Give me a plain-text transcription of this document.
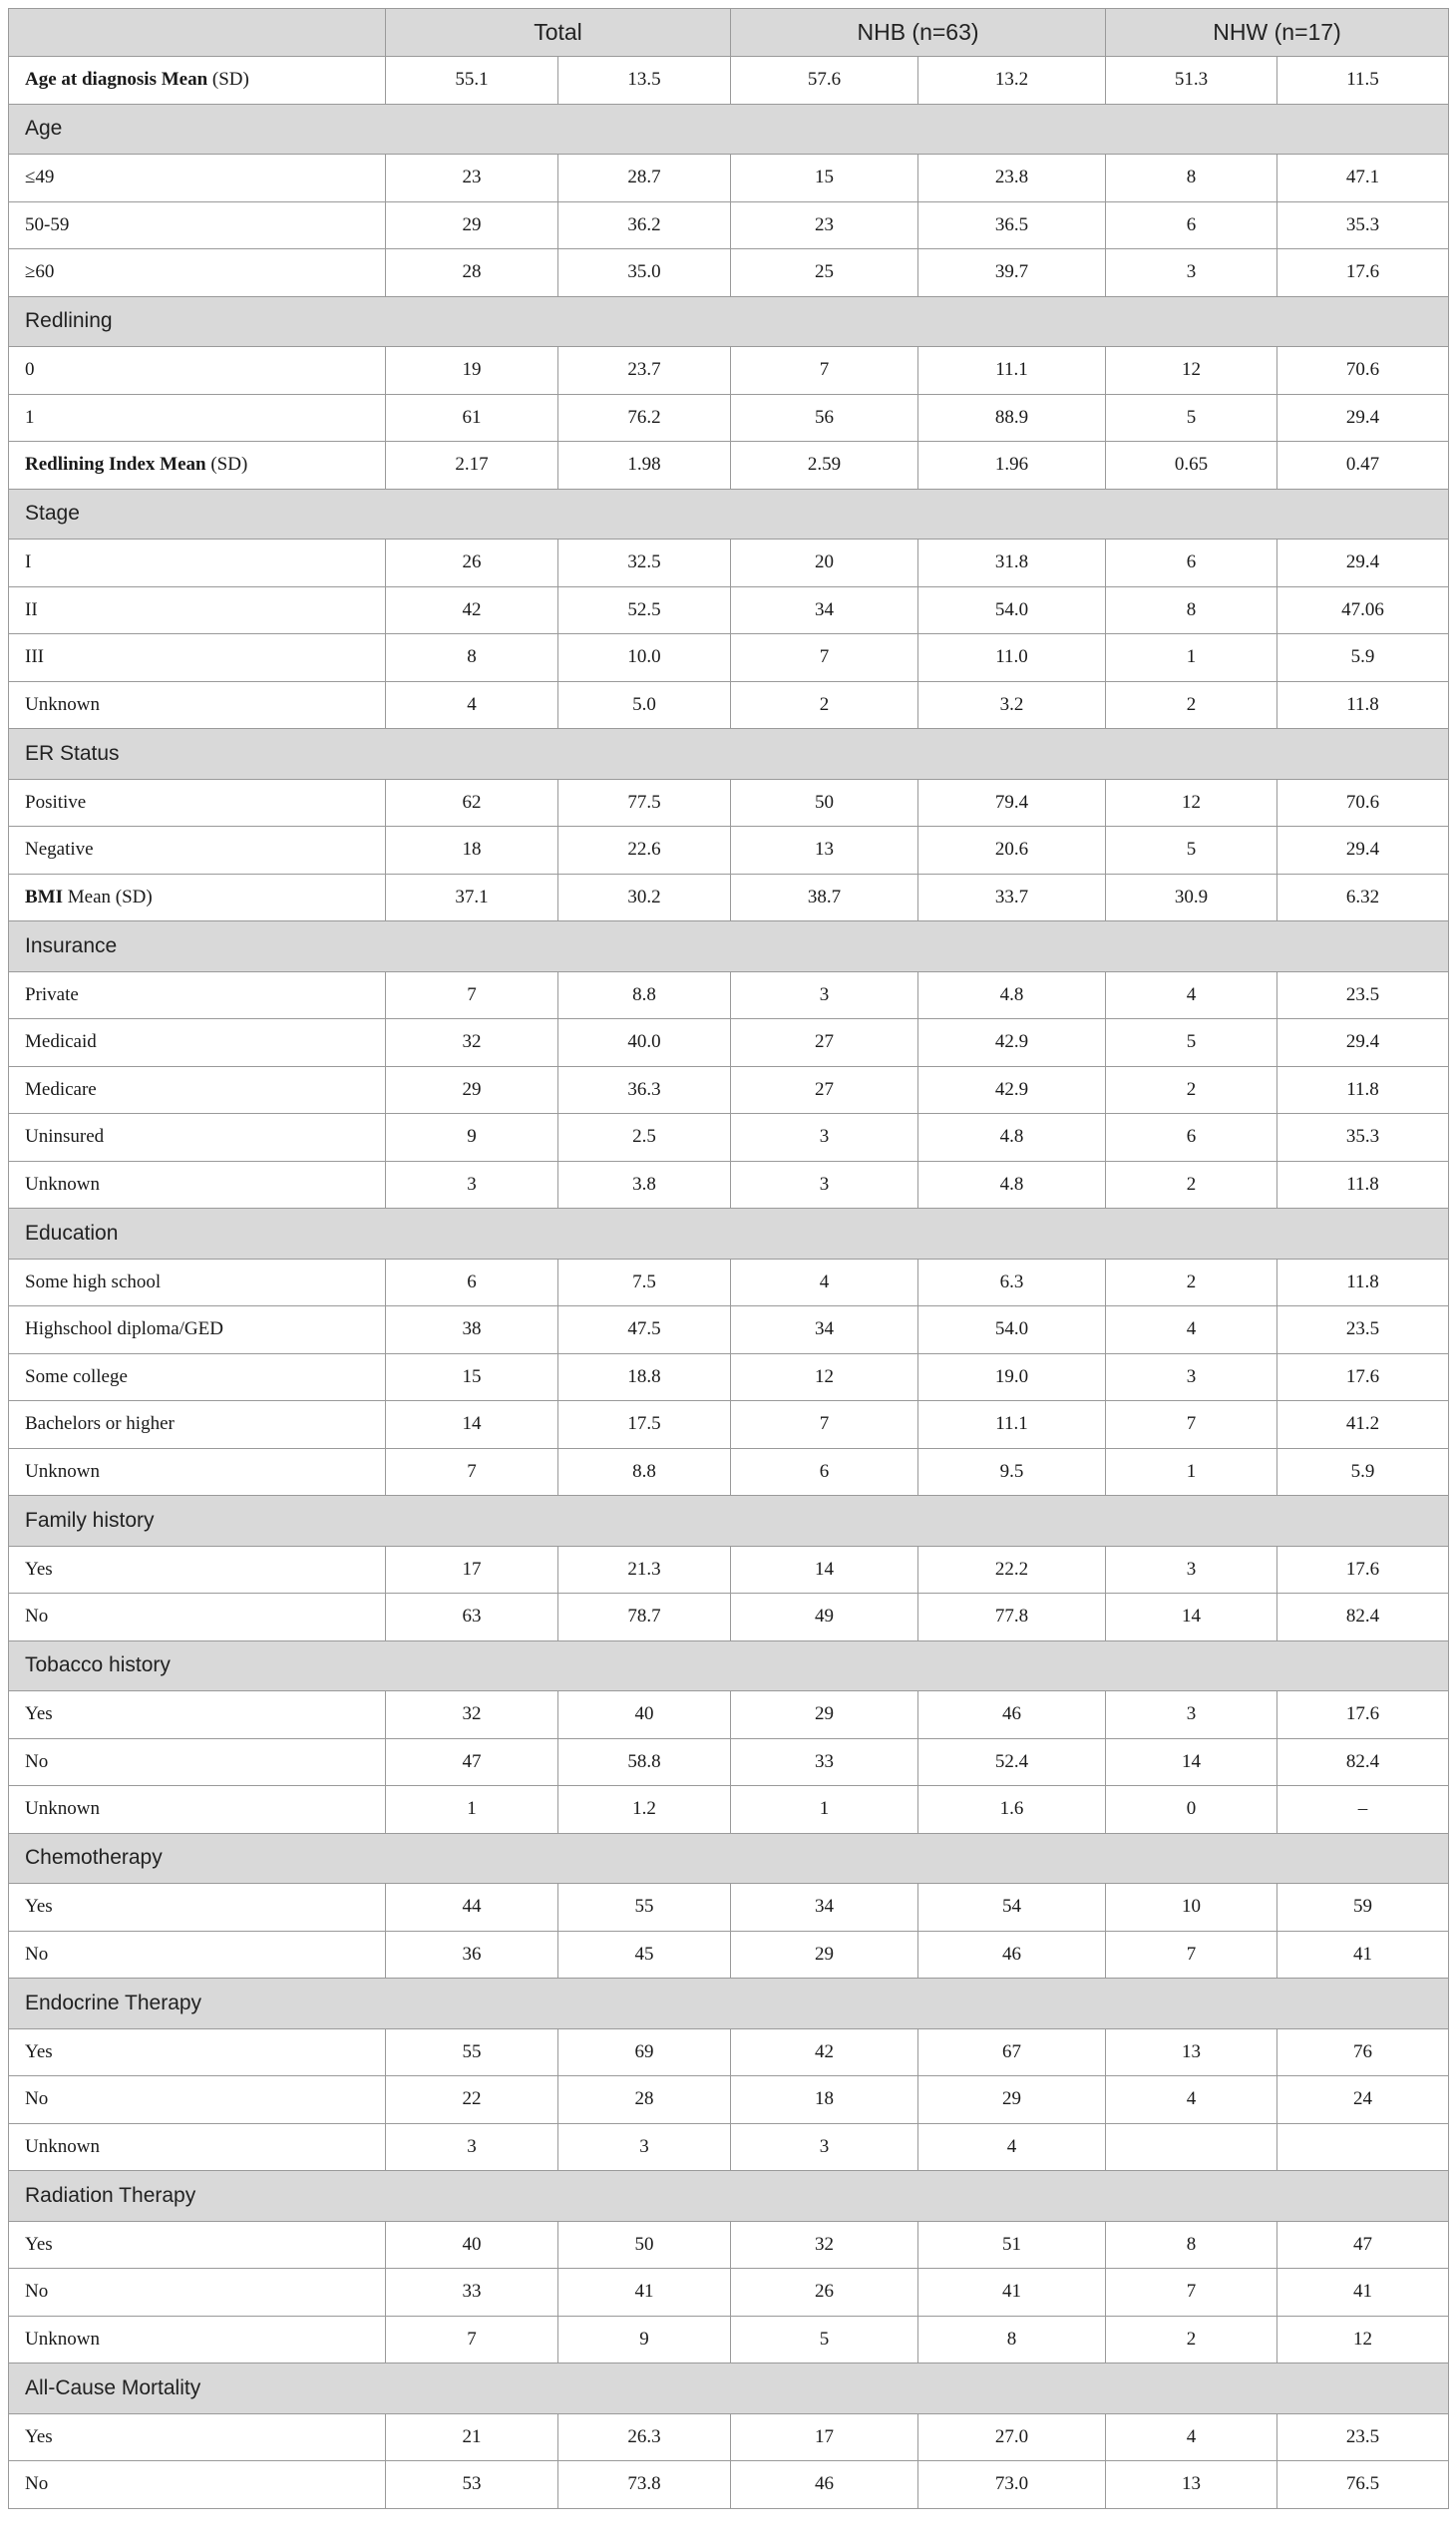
	Total		NHB (n=63)		NHW (n=17)	
Age at diagnosis Mean (SD)	55.1	13.5	57.6	13.2	51.3	11.5
Age						
≤49	23	28.7	15	23.8	8	47.1
50-59	29	36.2	23	36.5	6	35.3
≥60	28	35.0	25	39.7	3	17.6
Redlining						
0	19	23.7	7	11.1	12	70.6
1	61	76.2	56	88.9	5	29.4
Redlining Index Mean (SD)	2.17	1.98	2.59	1.96	0.65	0.47
Stage						
I	26	32.5	20	31.8	6	29.4
II	42	52.5	34	54.0	8	47.06
III	8	10.0	7	11.0	1	5.9
Unknown	4	5.0	2	3.2	2	11.8
ER Status						
Positive	62	77.5	50	79.4	12	70.6
Negative	18	22.6	13	20.6	5	29.4
BMI Mean (SD)	37.1	30.2	38.7	33.7	30.9	6.32
Insurance						
Private	7	8.8	3	4.8	4	23.5
Medicaid	32	40.0	27	42.9	5	29.4
Medicare	29	36.3	27	42.9	2	11.8
Uninsured	9	2.5	3	4.8	6	35.3
Unknown	3	3.8	3	4.8	2	11.8
Education						
Some high school	6	7.5	4	6.3	2	11.8
Highschool diploma/GED	38	47.5	34	54.0	4	23.5
Some college	15	18.8	12	19.0	3	17.6
Bachelors or higher	14	17.5	7	11.1	7	41.2
Unknown	7	8.8	6	9.5	1	5.9
Family history						
Yes	17	21.3	14	22.2	3	17.6
No	63	78.7	49	77.8	14	82.4
Tobacco history						
Yes	32	40	29	46	3	17.6
No	47	58.8	33	52.4	14	82.4
Unknown	1	1.2	1	1.6	0	–
Chemotherapy						
Yes	44	55	34	54	10	59
No	36	45	29	46	7	41
Endocrine Therapy						
Yes	55	69	42	67	13	76
No	22	28	18	29	4	24
Unknown	3	3	3	4		
Radiation Therapy						
Yes	40	50	32	51	8	47
No	33	41	26	41	7	41
Unknown	7	9	5	8	2	12
All-Cause Mortality						
Yes	21	26.3	17	27.0	4	23.5
No	53	73.8	46	73.0	13	76.5
